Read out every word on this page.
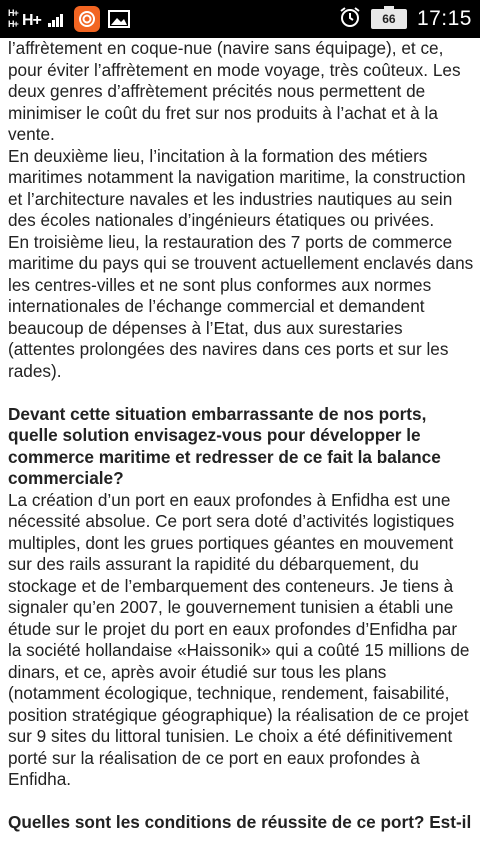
H+
H+ H+	66 17:15

l’affrètement en coque-nue (navire sans équipage), et ce, pour éviter l’affrètement en mode voyage, très coûteux. Les deux genres d’affrètement précités nous permettent de minimiser le coût du fret sur nos produits à l’achat et à la vente.

En deuxième lieu, l’incitation à la formation des métiers maritimes notamment la navigation maritime, la construction et l’architecture navales et les industries nautiques au sein des écoles nationales d’ingénieurs étatiques ou privées.

En troisième lieu, la restauration des 7 ports de commerce maritime du pays qui se trouvent actuellement enclavés dans les centres-villes et ne sont plus conformes aux normes internationales de l’échange commercial et demandent beaucoup de dépenses à l’Etat, dus aux surestaries (attentes prolongées des navires dans ces ports et sur les rades).

Devant cette situation embarrassante de nos ports, quelle solution envisagez-vous pour développer le commerce maritime et redresser de ce fait la balance commerciale?

La création d’un port en eaux profondes à Enfidha est une nécessité absolue. Ce port sera doté d’activités logistiques multiples, dont les grues portiques géantes en mouvement sur des rails assurant la rapidité du débarquement, du stockage et de l’embarquement des conteneurs. Je tiens à signaler qu’en 2007, le gouvernement tunisien a établi une étude sur le projet du port en eaux profondes d’Enfidha par la société hollandaise «Haissonik» qui a coûté 15 millions de dinars, et ce, après avoir étudié sur tous les plans (notamment écologique, technique, rendement, faisabilité, position stratégique géographique) la réalisation de ce projet sur 9 sites du littoral tunisien. Le choix a été définitivement porté sur la réalisation de ce port en eaux profondes à Enfidha.

Quelles sont les conditions de réussite de ce port? Est-il
